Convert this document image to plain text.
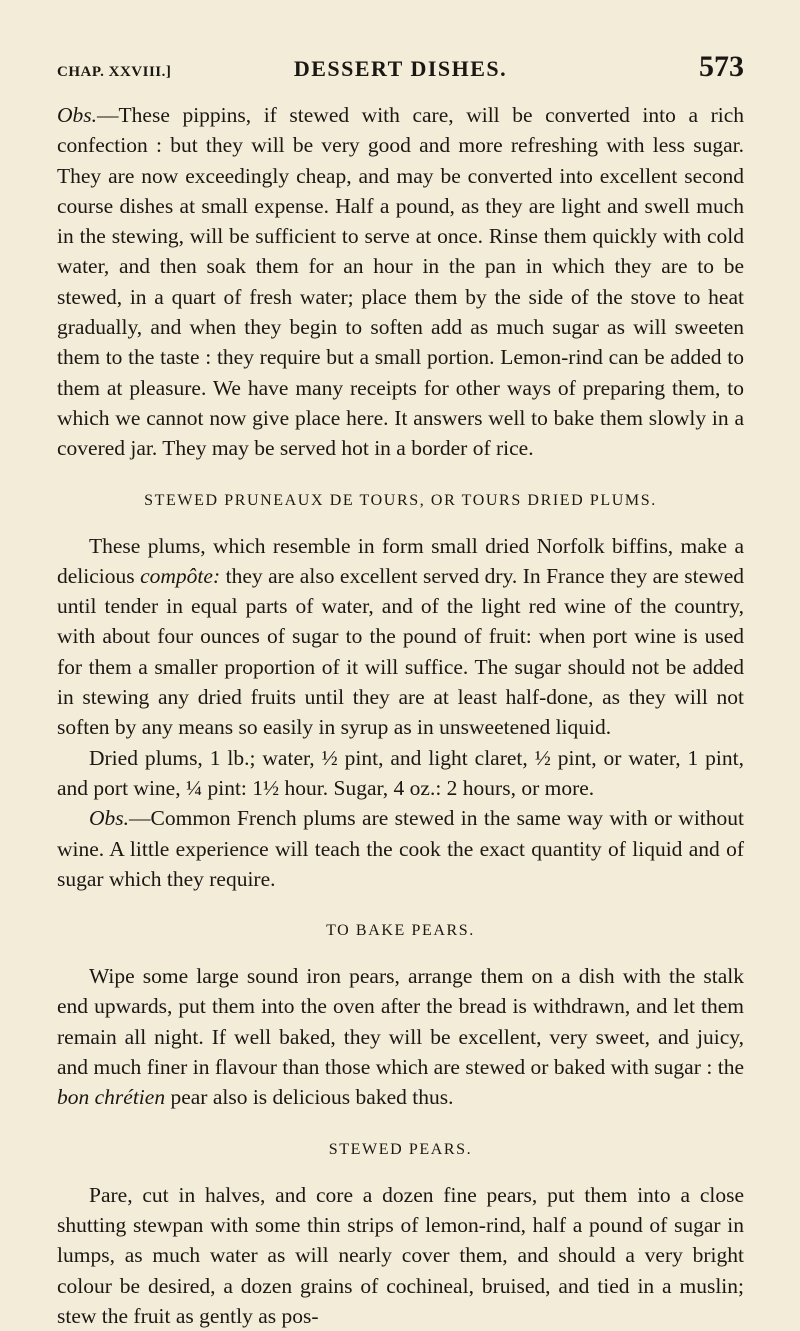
CHAP. XXVIII.]	DESSERT DISHES.	573

Obs.—These pippins, if stewed with care, will be converted into a rich confection : but they will be very good and more refreshing with less sugar. They are now exceedingly cheap, and may be converted into excellent second course dishes at small expense. Half a pound, as they are light and swell much in the stewing, will be sufficient to serve at once. Rinse them quickly with cold water, and then soak them for an hour in the pan in which they are to be stewed, in a quart of fresh water; place them by the side of the stove to heat gradually, and when they begin to soften add as much sugar as will sweeten them to the taste : they require but a small portion. Lemon-rind can be added to them at pleasure. We have many receipts for other ways of preparing them, to which we cannot now give place here. It answers well to bake them slowly in a covered jar. They may be served hot in a border of rice.

STEWED PRUNEAUX DE TOURS, OR TOURS DRIED PLUMS.

These plums, which resemble in form small dried Norfolk biffins, make a delicious compôte: they are also excellent served dry. In France they are stewed until tender in equal parts of water, and of the light red wine of the country, with about four ounces of sugar to the pound of fruit: when port wine is used for them a smaller proportion of it will suffice. The sugar should not be added in stewing any dried fruits until they are at least half-done, as they will not soften by any means so easily in syrup as in unsweetened liquid.

Dried plums, 1 lb.; water, ½ pint, and light claret, ½ pint, or water, 1 pint, and port wine, ¼ pint: 1½ hour. Sugar, 4 oz.: 2 hours, or more.

Obs.—Common French plums are stewed in the same way with or without wine. A little experience will teach the cook the exact quantity of liquid and of sugar which they require.

TO BAKE PEARS.

Wipe some large sound iron pears, arrange them on a dish with the stalk end upwards, put them into the oven after the bread is withdrawn, and let them remain all night. If well baked, they will be excellent, very sweet, and juicy, and much finer in flavour than those which are stewed or baked with sugar : the bon chrétien pear also is delicious baked thus.

STEWED PEARS.

Pare, cut in halves, and core a dozen fine pears, put them into a close shutting stewpan with some thin strips of lemon-rind, half a pound of sugar in lumps, as much water as will nearly cover them, and should a very bright colour be desired, a dozen grains of cochineal, bruised, and tied in a muslin; stew the fruit as gently as pos-
